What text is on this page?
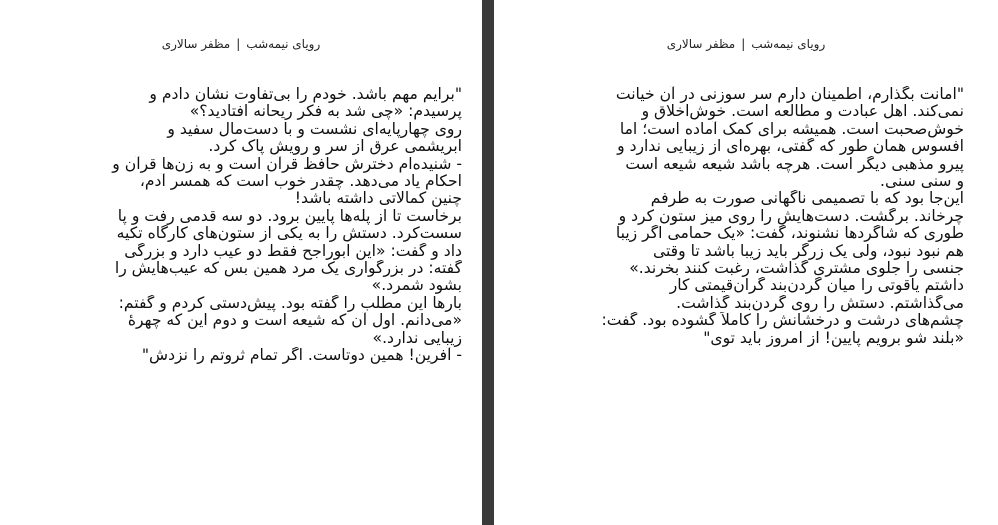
رویای نیمه‌شب|مظفر سالاری
"برایم مهم باشد. خودم را بی‌تفاوت نشان دادم و
پرسیدم: «چی شد به فکر ریحانه افتادید؟»
روی چهارپایه‌ای نشست و با دست‌مال سفید و
ابریشمی عرق از سر و رویش پاک کرد.
- شنیده‌ام دخترش حافظ قرآن است و به زن‌ها قرآن و
احکام یاد می‌دهد. چقدر خوب است که همسر آدم،
چنین کمالاتی داشته باشد!
برخاست تا از پله‌ها پایین برود. دو سه قدمی رفت و پا
سست‌کرد. دستش را به یکی از ستون‌های کارگاه تکیه
داد و گفت: «این ابوراجح فقط دو عیب دارد و بزرگی
گفته: در بزرگواری یک مرد همین بس که عیب‌هایش را
بشود شمرد.»
بارها این مطلب را گفته بود. پیش‌دستی کردم و گفتم:
«می‌دانم. اول آن که شیعه است و دوم این که چهرهٔ
زیبایی ندارد.»
- آفرین! همین دوتاست. اگر تمام ثروتم را نزدش"
رویای نیمه‌شب|مظفر سالاری
"امانت بگذارم، اطمینان دارم سر سوزنی در آن خیانت
نمی‌کند. اهل عبادت و مطالعه است. خوش‌اخلاق و
خوش‌صحبت است. همیشه برای کمک آماده است؛ اما
افسوس همان طور که گفتی، بهره‌ای از زیبایی ندارد و
پیرو مذهبی دیگر است. هرچه باشد شیعه شیعه است
و سنی سنی.
این‌جا بود که با تصمیمی ناگهانی صورت به طرفم
چرخاند. برگشت. دست‌هایش را روی میز ستون کرد و
طوری که شاگردها نشنوند، گفت: «یک حمامی اگر زیبا
هم نبود نبود، ولی یک زرگر باید زیبا باشد تا وقتی
جنسی را جلوی مشتری گذاشت، رغبت کنند بخرند.»
داشتم یاقوتی را میان گردن‌بند گران‌قیمتی کار
می‌گذاشتم. دستش را روی گردن‌بند گذاشت.
چشم‌های درشت و درخشانش را کاملاً گشوده بود. گفت:
«بلند شو برویم پایین! از امروز باید توی"
